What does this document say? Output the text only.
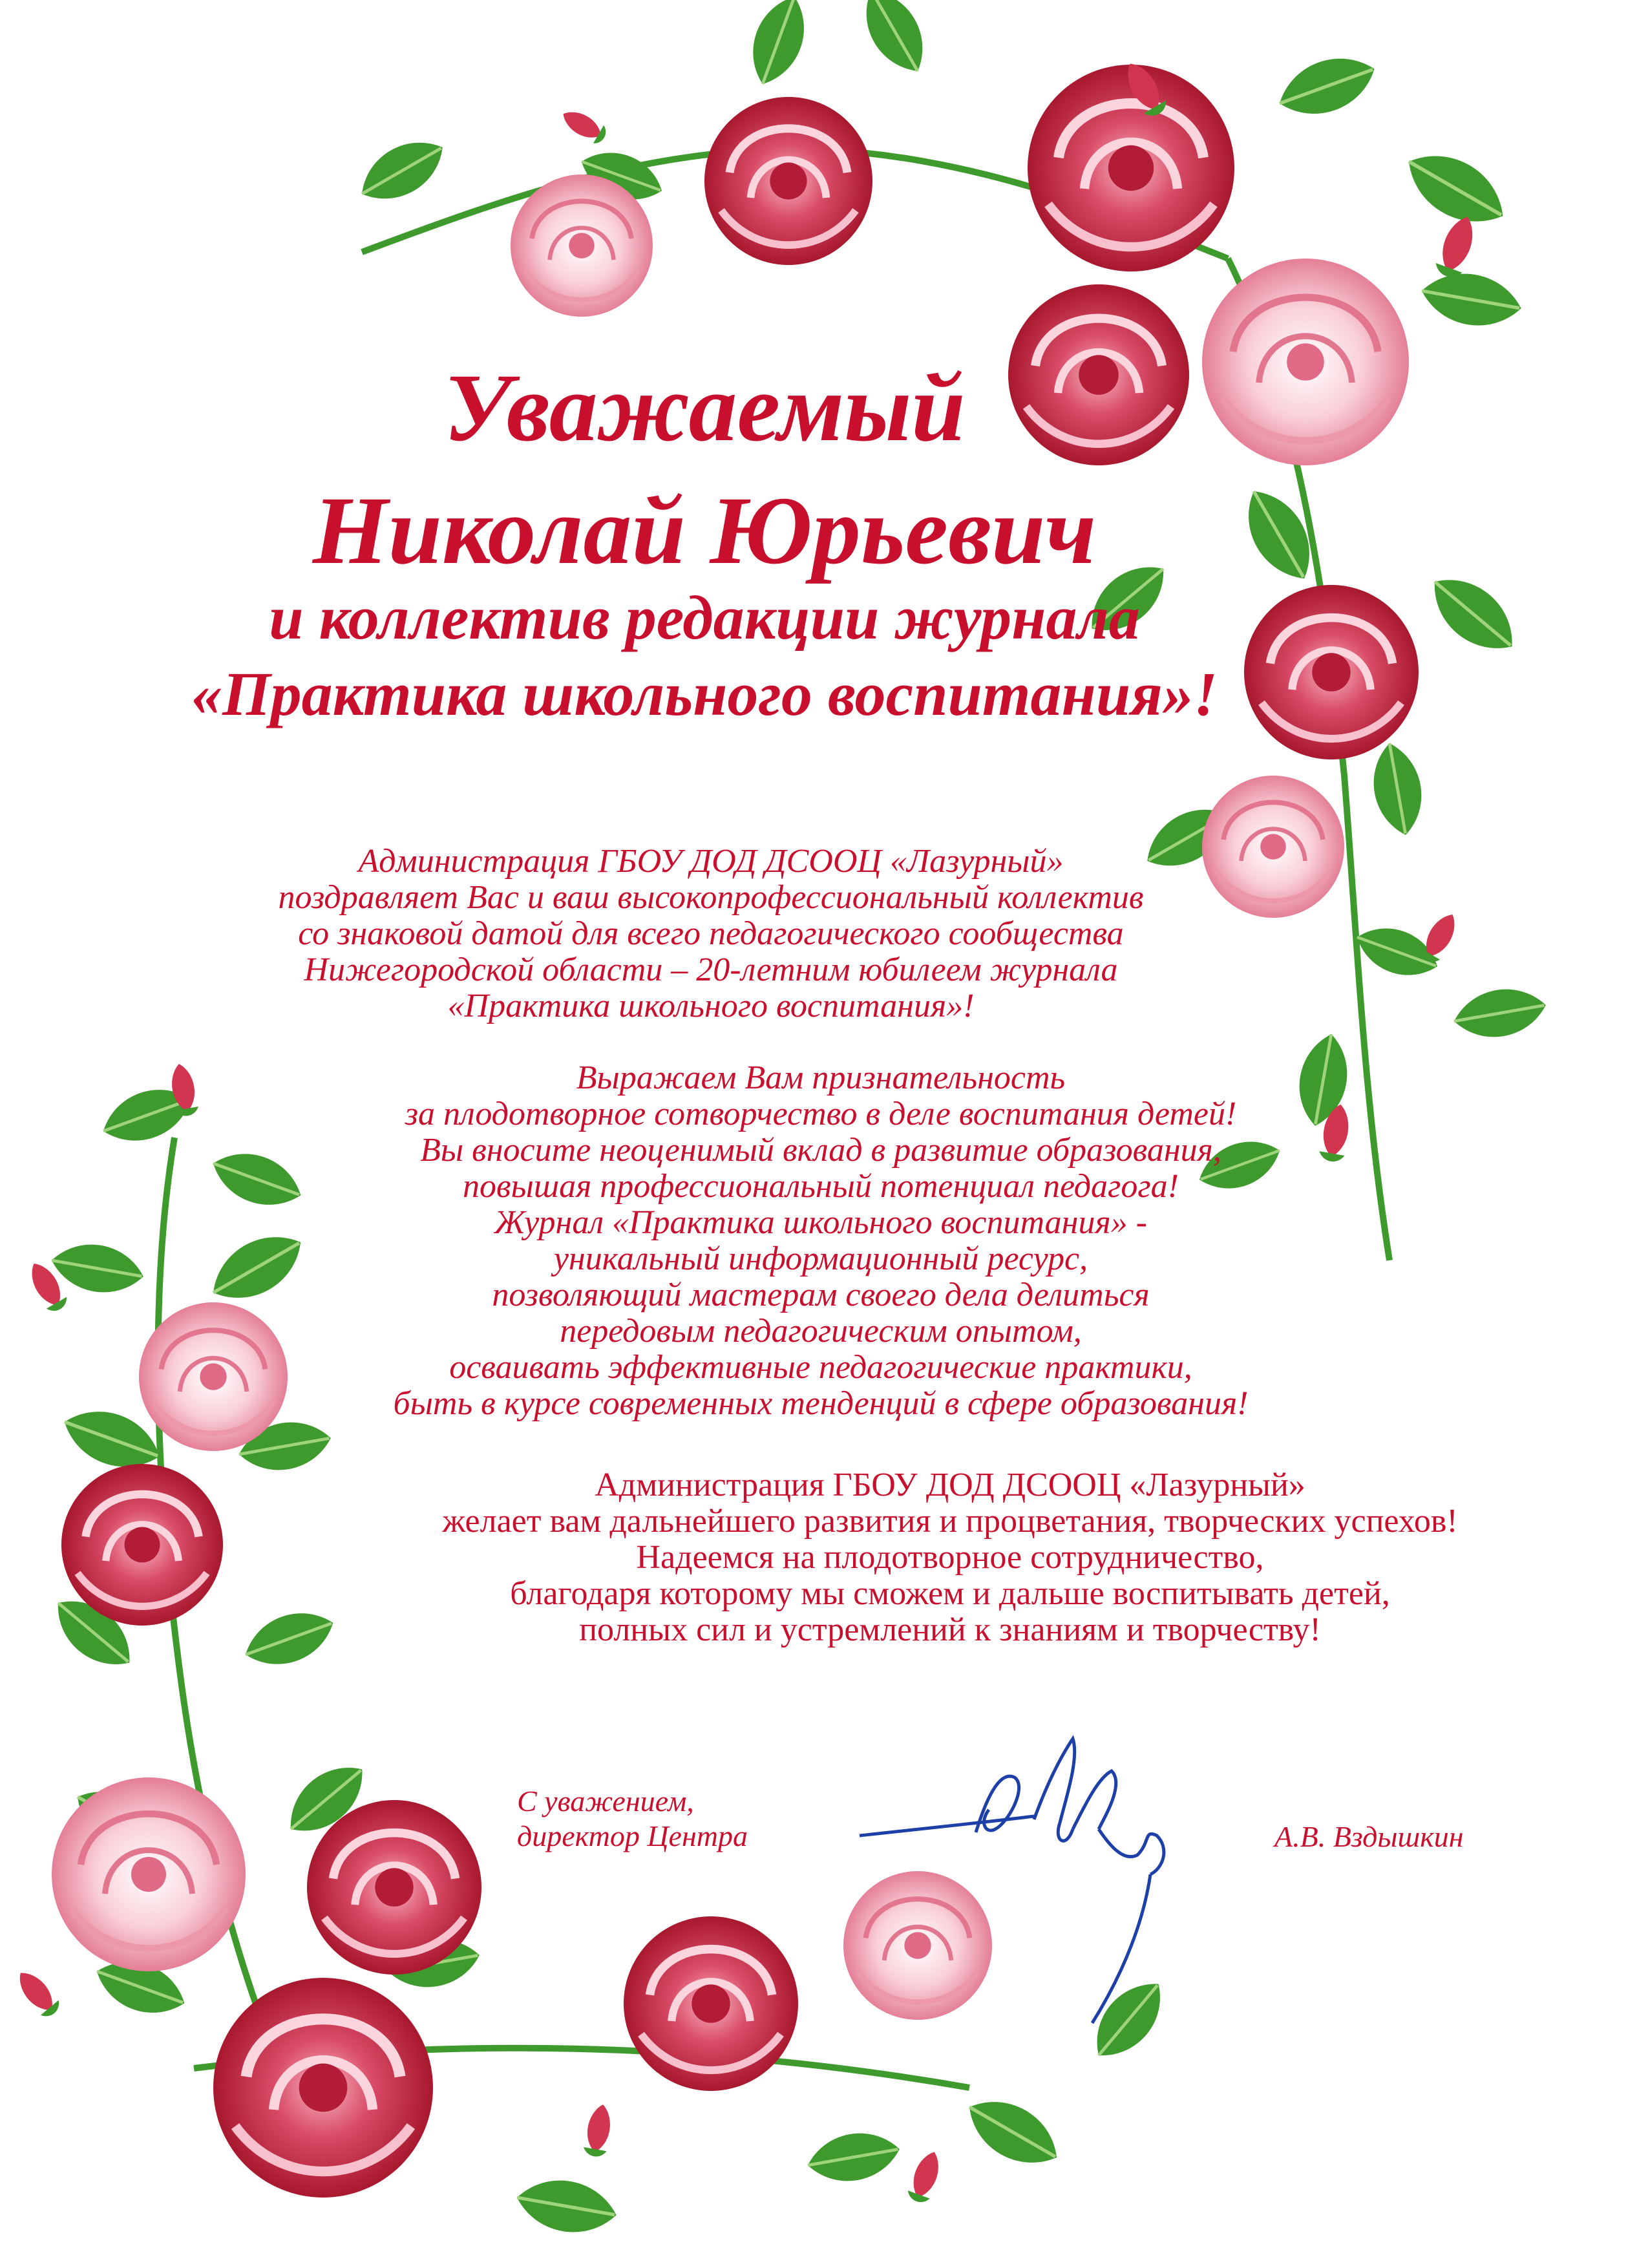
Уважаемый
Николай Юрьевич
и коллектив редакции журнала
«Практика школьного воспитания»!
Администрация ГБОУ ДОД ДСООЦ «Лазурный»
поздравляет Вас и ваш высокопрофессиональный коллектив
со знаковой датой для всего педагогического сообщества
Нижегородской области – 20-летним юбилеем журнала
«Практика школьного воспитания»!
Выражаем Вам признательность
за плодотворное сотворчество в деле воспитания детей!
Вы вносите неоценимый вклад в развитие образования,
повышая профессиональный потенциал педагога!
Журнал «Практика школьного воспитания» -
уникальный информационный ресурс,
позволяющий мастерам своего дела делиться
передовым педагогическим опытом,
осваивать эффективные педагогические практики,
быть в курсе современных тенденций в сфере образования!
Администрация ГБОУ ДОД ДСООЦ «Лазурный»
желает вам дальнейшего развития и процветания, творческих успехов!
Надеемся на плодотворное сотрудничество,
благодаря которому мы сможем и дальше воспитывать детей,
полных сил и устремлений к знаниям и творчеству!
С уважением,
директор Центра	А.В. Вздышкин
